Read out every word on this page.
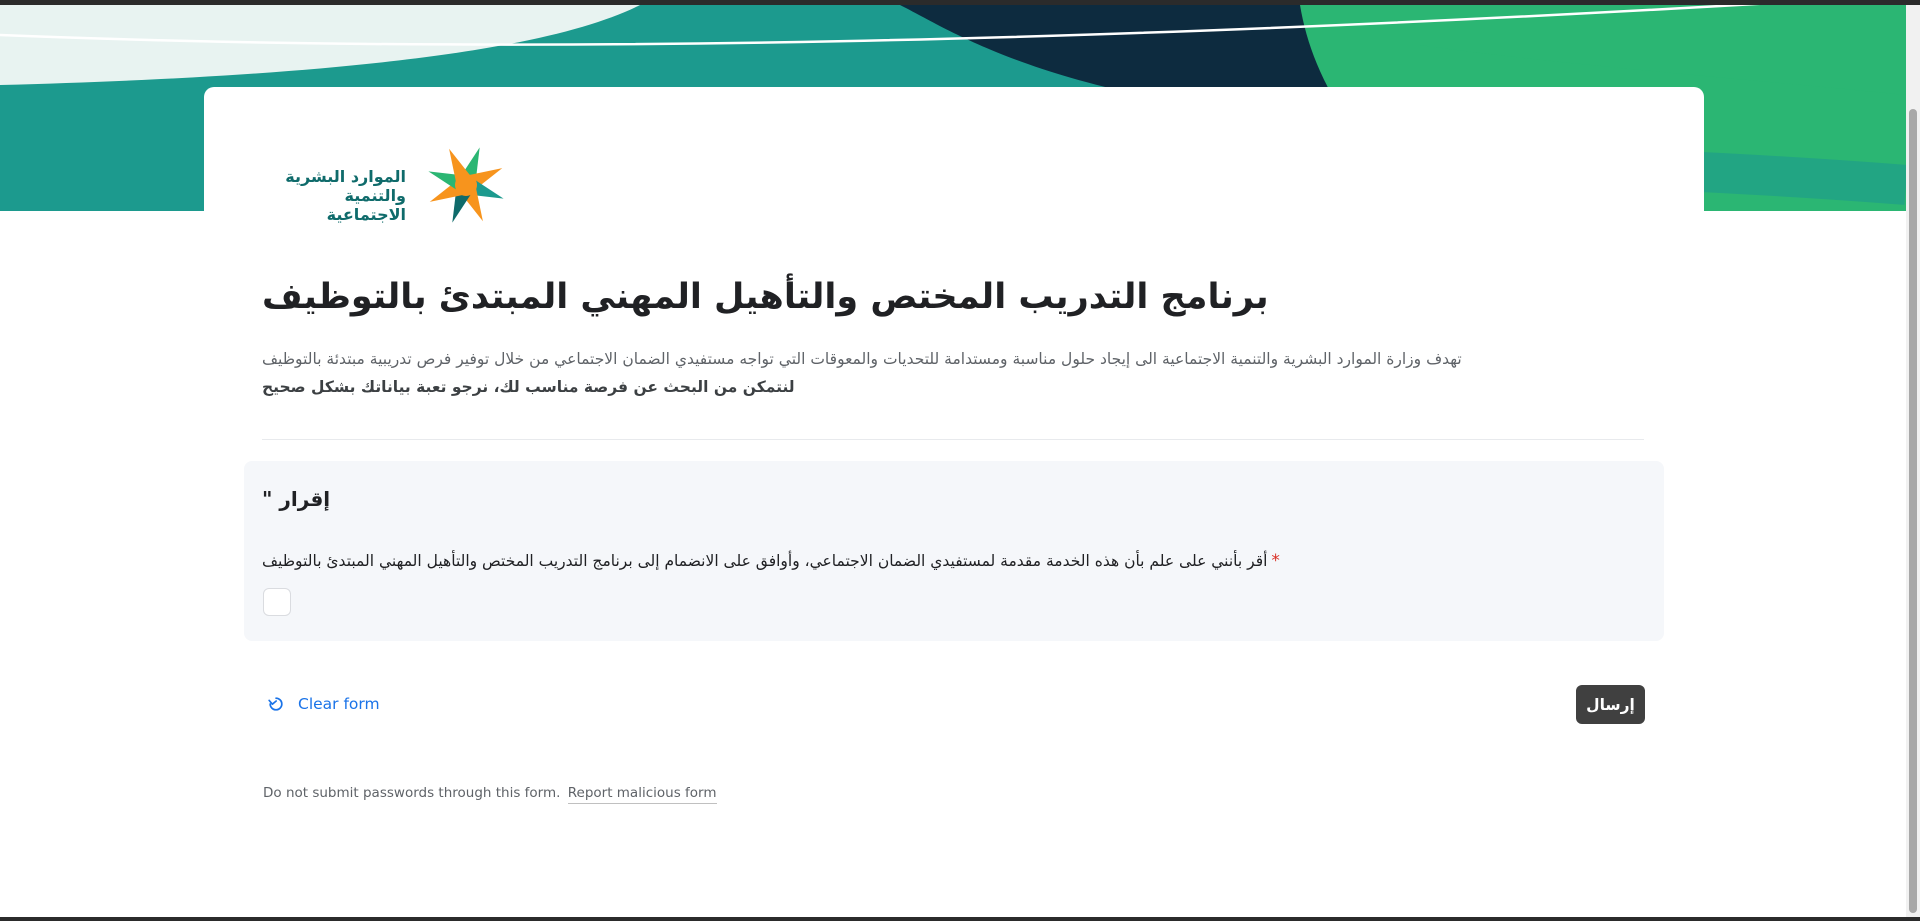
الموارد البشرية
والتنمية الاجتماعية
برنامج التدريب المختص والتأهيل المهني المبتدئ بالتوظيف
تهدف وزارة الموارد البشرية والتنمية الاجتماعية الى إيجاد حلول مناسبة ومستدامة للتحديات والمعوقات التي تواجه مستفيدي الضمان الاجتماعي من خلال توفير فرص تدريبية مبتدئة بالتوظيف
لنتمكن من البحث عن فرصة مناسب لك، نرجو تعبة بياناتك بشكل صحيح
إقرار "
أقر بأنني على علم بأن هذه الخدمة مقدمة لمستفيدي الضمان الاجتماعي، وأوافق على الانضمام إلى برنامج التدريب المختص والتأهيل المهني المبتدئ بالتوظيف *
Clear form	إرسال
Do not submit passwords through this form. Report malicious form
